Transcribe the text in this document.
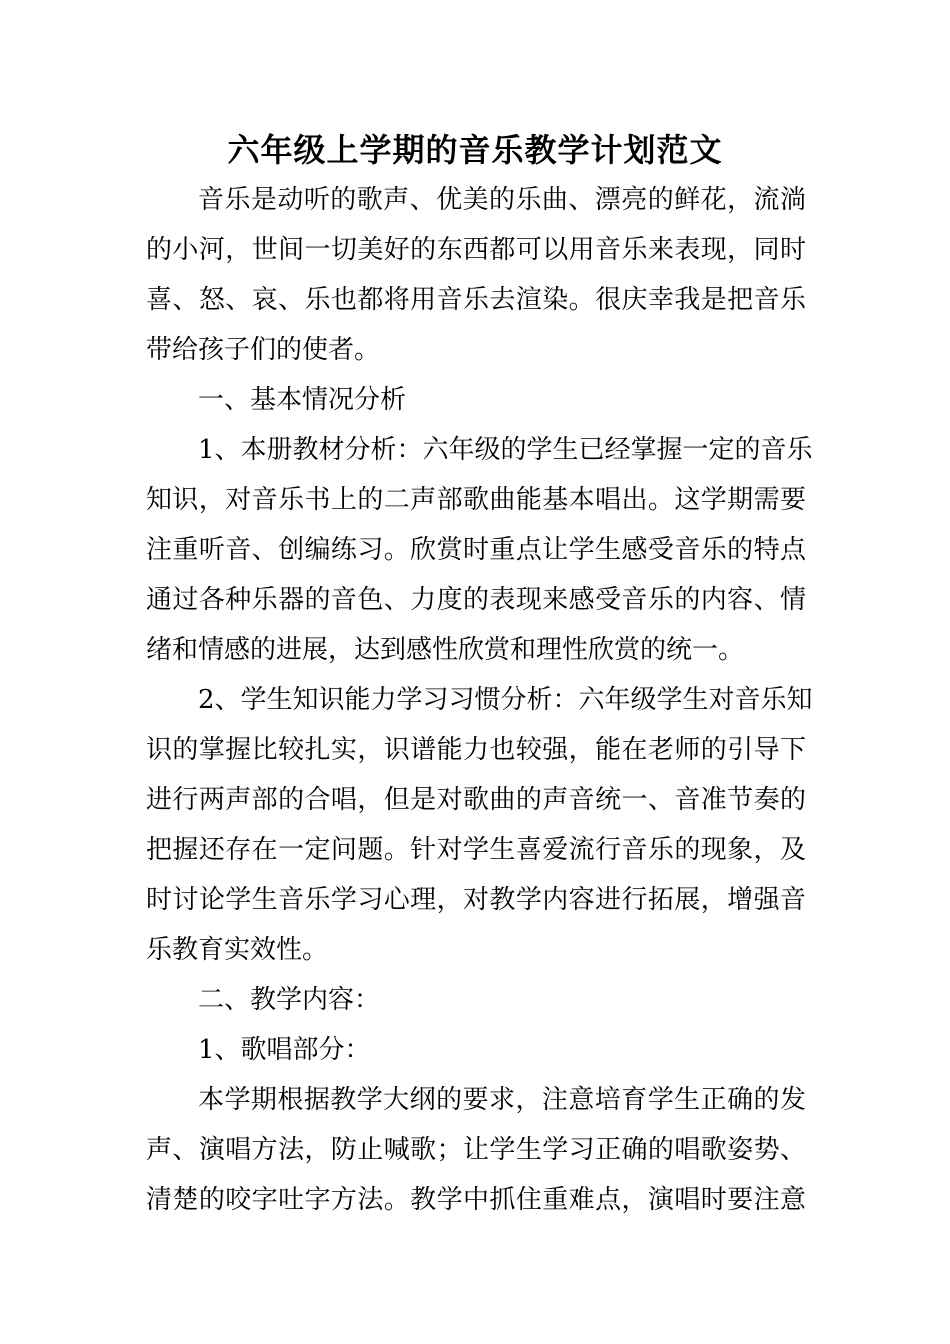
六年级上学期的音乐教学计划范文

音乐是动听的歌声、优美的乐曲、漂亮的鲜花，流淌

的小河，世间一切美好的东西都可以用音乐来表现，同时

喜、怒、哀、乐也都将用音乐去渲染。很庆幸我是把音乐

带给孩子们的使者。

一、基本情况分析

1、本册教材分析：六年级的学生已经掌握一定的音乐

知识，对音乐书上的二声部歌曲能基本唱出。这学期需要

注重听音、创编练习。欣赏时重点让学生感受音乐的特点

通过各种乐器的音色、力度的表现来感受音乐的内容、情

绪和情感的进展，达到感性欣赏和理性欣赏的统一。

2、学生知识能力学习习惯分析：六年级学生对音乐知

识的掌握比较扎实，识谱能力也较强，能在老师的引导下

进行两声部的合唱，但是对歌曲的声音统一、音准节奏的

把握还存在一定问题。针对学生喜爱流行音乐的现象，及

时讨论学生音乐学习心理，对教学内容进行拓展，增强音

乐教育实效性。

二、教学内容：

1、歌唱部分：

本学期根据教学大纲的要求，注意培育学生正确的发

声、演唱方法，防止喊歌；让学生学习正确的唱歌姿势、

清楚的咬字吐字方法。教学中抓住重难点，演唱时要注意
